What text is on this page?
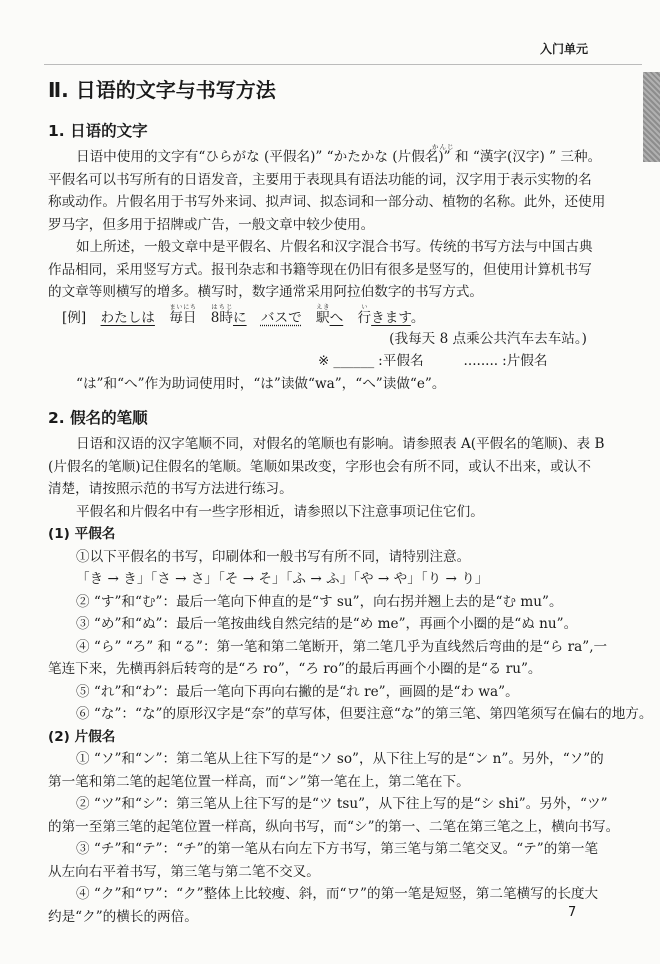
入门单元
Ⅱ. 日语的文字与书写方法
1. 日语的文字
日语中使用的文字有“ひらがな (平假名)” “かたかな (片假名)” 和 “漢字(汉字) ” 三种。
平假名可以书写所有的日语发音，主要用于表现具有语法功能的词，汉字用于表示实物的名
称或动作。片假名用于书写外来词、拟声词、拟态词和一部分动、植物的名称。此外，还使用
罗马字，但多用于招牌或广告，一般文章中较少使用。
かんじ
如上所述，一般文章中是平假名、片假名和汉字混合书写。传统的书写方法与中国古典
作品相同，采用竖写方式。报刊杂志和书籍等现在仍旧有很多是竖写的，但使用计算机书写
的文章等则横写的增多。横写时，数字通常采用阿拉伯数字的书写方式。
[例] わたしは 毎日まいにち 8時はちじに バスで 駅えきへ 行いきます。
(我每天 8 点乘公共汽车去车站。)
※ ______ :平假名	........ :片假名
“は”和“へ”作为助词使用时，“は”读做“wa”，“へ”读做“e”。
2. 假名的笔顺
日语和汉语的汉字笔顺不同，对假名的笔顺也有影响。请参照表 A(平假名的笔顺)、表 B
(片假名的笔顺)记住假名的笔顺。笔顺如果改变，字形也会有所不同，或认不出来，或认不
清楚，请按照示范的书写方法进行练习。
平假名和片假名中有一些字形相近，请参照以下注意事项记住它们。
(1) 平假名
①以下平假名的书写，印刷体和一般书写有所不同，请特别注意。
「き → き」「さ → さ」「そ → そ」「ふ → ふ」「や → や」「り → り」
② “す”和“む”：最后一笔向下伸直的是“す su”，向右拐并翘上去的是“む mu”。
③ “め”和“ぬ”：最后一笔按曲线自然完结的是“め me”，再画个小圈的是“ぬ nu”。
④ “ら” “ろ” 和 “る”：第一笔和第二笔断开，第二笔几乎为直线然后弯曲的是“ら ra”,一
笔连下来，先横再斜后转弯的是“ろ ro”，“ろ ro”的最后再画个小圈的是“る ru”。
⑤ “れ”和“わ”：最后一笔向下再向右撇的是“れ re”，画圆的是“わ wa”。
⑥ “な”：“な”的原形汉字是“奈”的草写体，但要注意“な”的第三笔、第四笔须写在偏右的地方。
(2) 片假名
① “ソ”和“ン”：第二笔从上往下写的是“ソ so”，从下往上写的是“ン n”。另外，“ソ”的
第一笔和第二笔的起笔位置一样高，而“ン”第一笔在上，第二笔在下。
② “ツ”和“シ”：第三笔从上往下写的是“ツ tsu”，从下往上写的是“シ shi”。另外，“ツ”
的第一至第三笔的起笔位置一样高，纵向书写，而“シ”的第一、二笔在第三笔之上，横向书写。
③ “チ”和“テ”：“チ”的第一笔从右向左下方书写，第三笔与第二笔交叉。“テ”的第一笔
从左向右平着书写，第三笔与第二笔不交叉。
④ “ク”和“ワ”：“ク”整体上比较瘦、斜，而“ワ”的第一笔是短竖，第二笔横写的长度大
约是“ク”的横长的两倍。	7
